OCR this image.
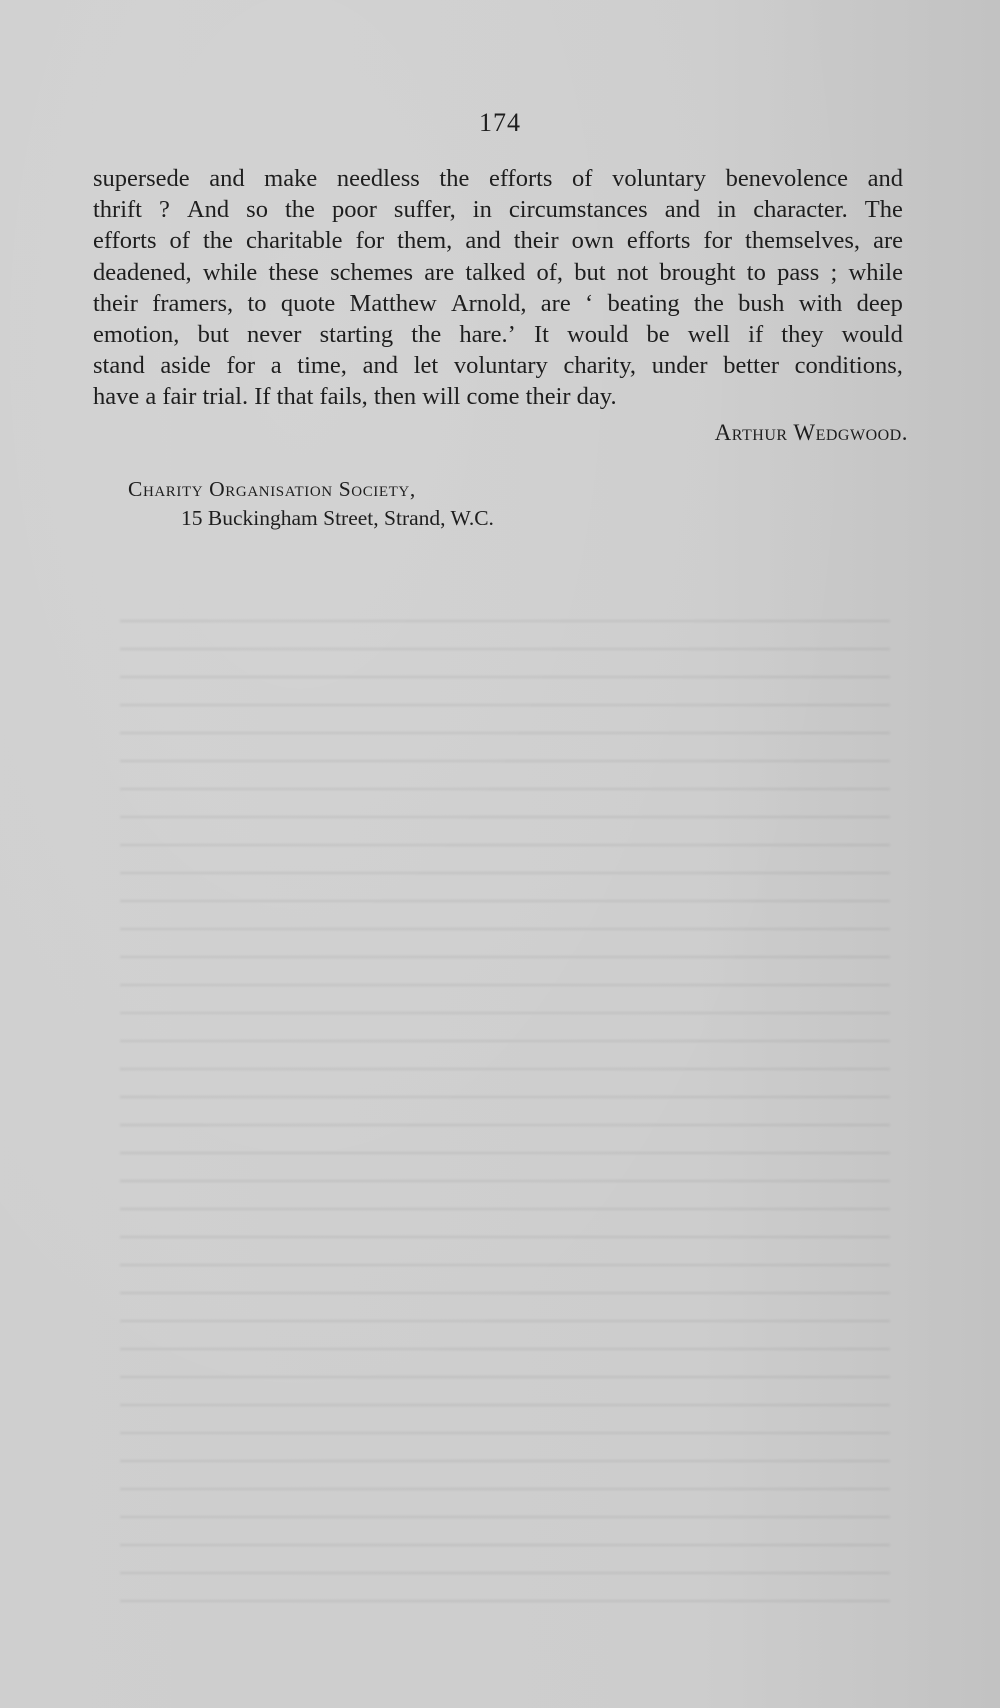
174
supersede and make needless the efforts of voluntary benevolence and
thrift ? And so the poor suffer, in circumstances and in character. The
efforts of the charitable for them, and their own efforts for themselves, are
deadened, while these schemes are talked of, but not brought to pass ; while
their framers, to quote Matthew Arnold, are ‘ beating the bush with deep
emotion, but never starting the hare.’ It would be well if they would
stand aside for a time, and let voluntary charity, under better conditions,
have a fair trial. If that fails, then will come their day.
Arthur Wedgwood.
Charity Organisation Society,
15 Buckingham Street, Strand, W.C.
